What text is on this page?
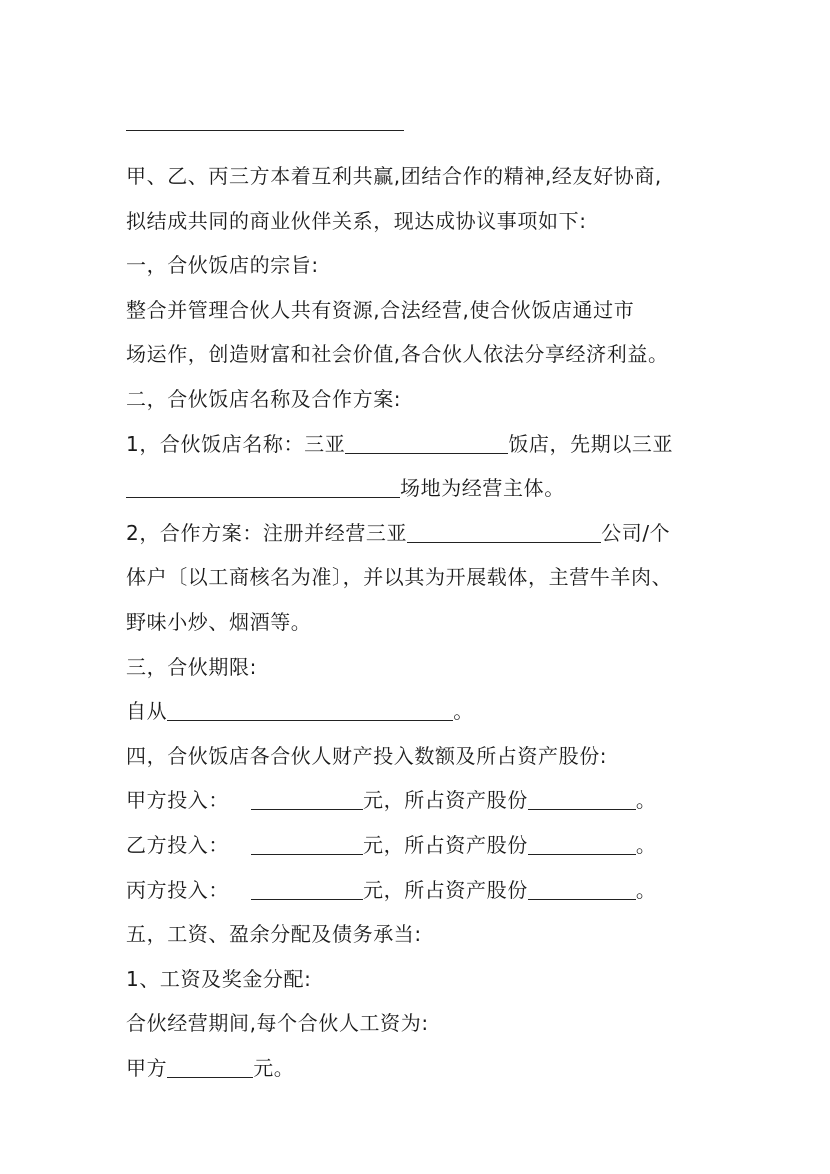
甲、乙、丙三方本着互利共赢,团结合作的精神,经友好协商,
拟结成共同的商业伙伴关系，现达成协议事项如下:
一，合伙饭店的宗旨:
整合并管理合伙人共有资源,合法经营,使合伙饭店通过市
场运作，创造财富和社会价值,各合伙人依法分享经济利益。
二，合伙饭店名称及合作方案:
1，合伙饭店名称：三亚	饭店，先期以三亚
场地为经营主体。
2，合作方案：注册并经营三亚	公司/个
体户〔以工商核名为准〕，并以其为开展载体，主营牛羊肉、
野味小炒、烟酒等。
三，合伙期限:
自从	。
四，合伙饭店各合伙人财产投入数额及所占资产股份:
甲方投入：	元，所占资产股份	。
乙方投入：	元，所占资产股份	。
丙方投入：	元，所占资产股份	。
五，工资、盈余分配及债务承当:
1、工资及奖金分配:
合伙经营期间,每个合伙人工资为:
甲方	元。
